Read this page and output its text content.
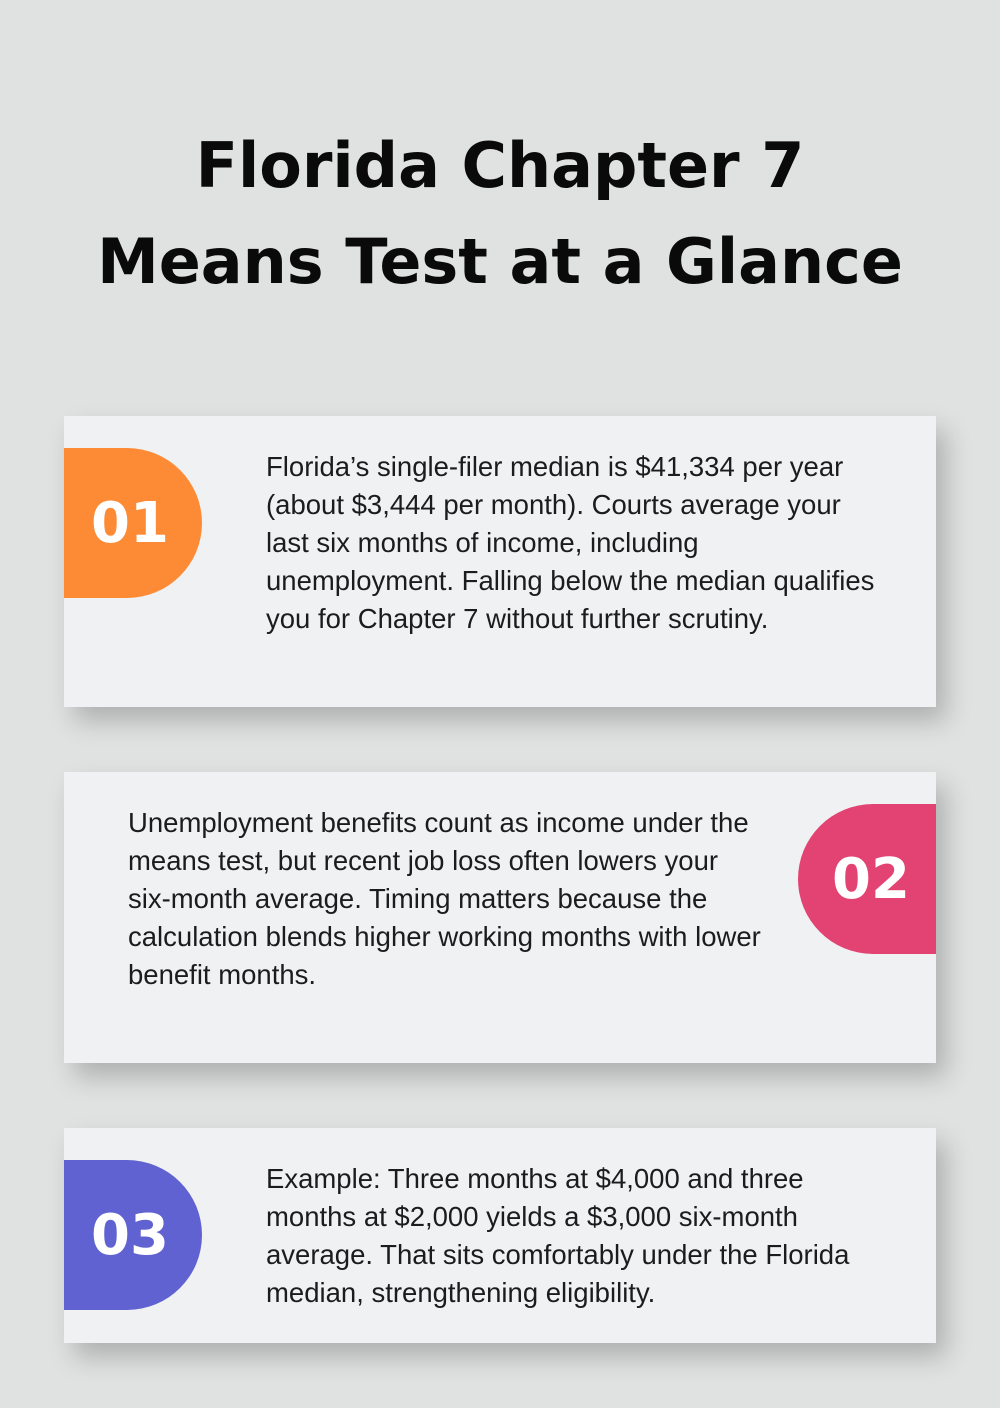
Florida Chapter 7
Means Test at a Glance
01

Florida’s single-filer median is $41,334 per year (about $3,444 per month). Courts average your last six months of income, including unemployment. Falling below the median qualifies you for Chapter 7 without further scrutiny.

Unemployment benefits count as income under the means test, but recent job loss often lowers your six-month average. Timing matters because the calculation blends higher working months with lower benefit months.

02
03

Example: Three months at $4,000 and three months at $2,000 yields a $3,000 six-month average. That sits comfortably under the Florida median, strengthening eligibility.
